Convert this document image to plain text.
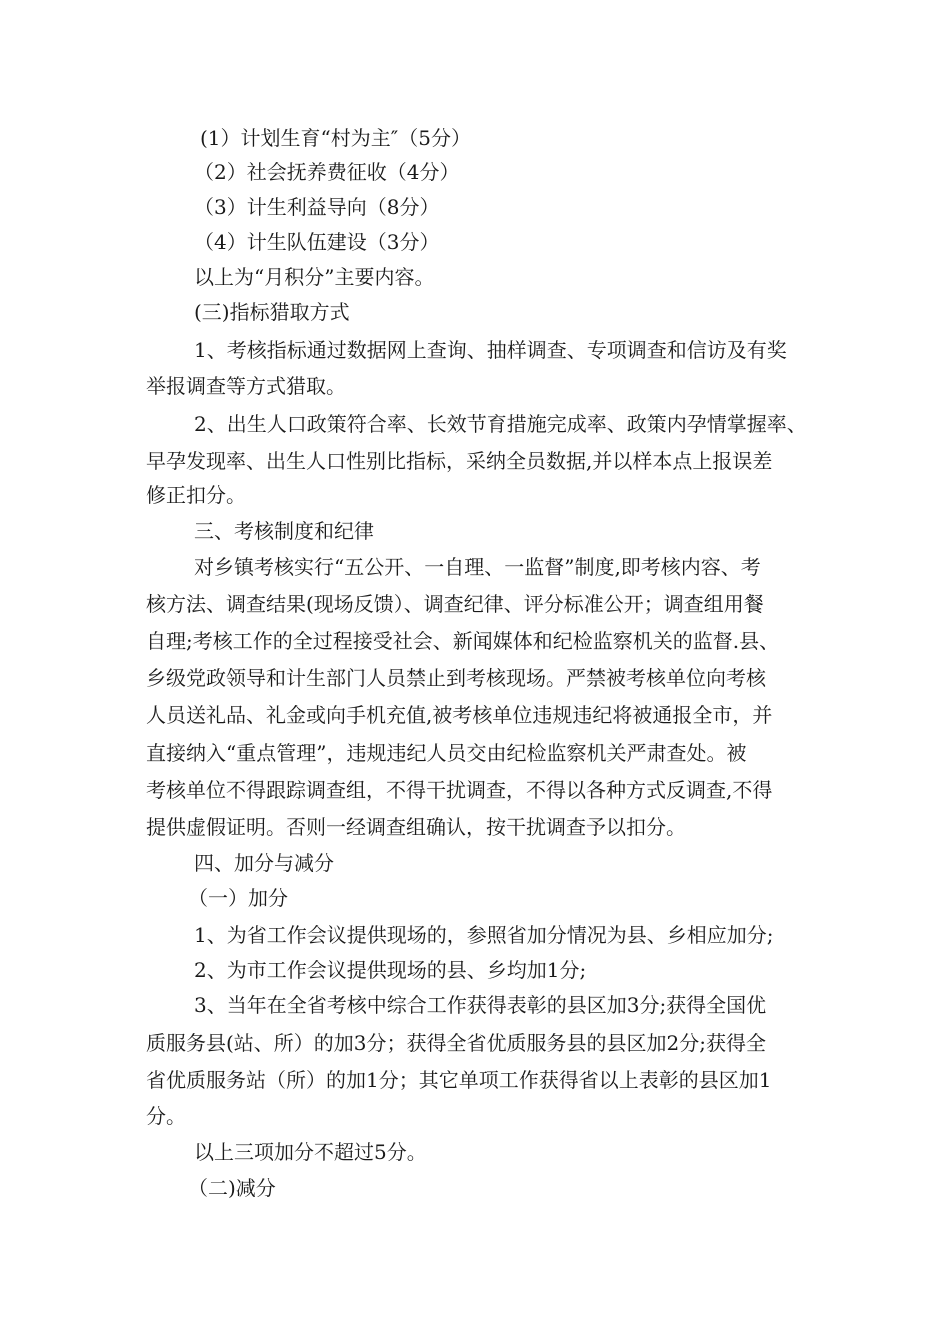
(1）计划生育“村为主″（5分）
（2）社会抚养费征收（4分）
（3）计生利益导向（8分）
（4）计生队伍建设（3分）
以上为“月积分”主要内容。
(三)指标猎取方式
1、考核指标通过数据网上查询、抽样调查、专项调查和信访及有奖
举报调查等方式猎取。
2、出生人口政策符合率、长效节育措施完成率、政策内孕情掌握率、
早孕发现率、出生人口性别比指标，采纳全员数据,并以样本点上报误差
修正扣分。
三、考核制度和纪律
对乡镇考核实行“五公开、一自理、一监督”制度,即考核内容、考
核方法、调查结果(现场反馈）、调查纪律、评分标准公开；调查组用餐
自理;考核工作的全过程接受社会、新闻媒体和纪检监察机关的监督.县、
乡级党政领导和计生部门人员禁止到考核现场。严禁被考核单位向考核
人员送礼品、礼金或向手机充值,被考核单位违规违纪将被通报全市，并
直接纳入“重点管理”，违规违纪人员交由纪检监察机关严肃查处。被
考核单位不得跟踪调查组，不得干扰调查，不得以各种方式反调查,不得
提供虚假证明。否则一经调查组确认，按干扰调查予以扣分。
四、加分与减分
（一）加分
1、为省工作会议提供现场的，参照省加分情况为县、乡相应加分;
2、为市工作会议提供现场的县、乡均加1分;
3、当年在全省考核中综合工作获得表彰的县区加3分;获得全国优
质服务县(站、所）的加3分；获得全省优质服务县的县区加2分;获得全
省优质服务站（所）的加1分；其它单项工作获得省以上表彰的县区加1
分。
以上三项加分不超过5分。
（二)减分
